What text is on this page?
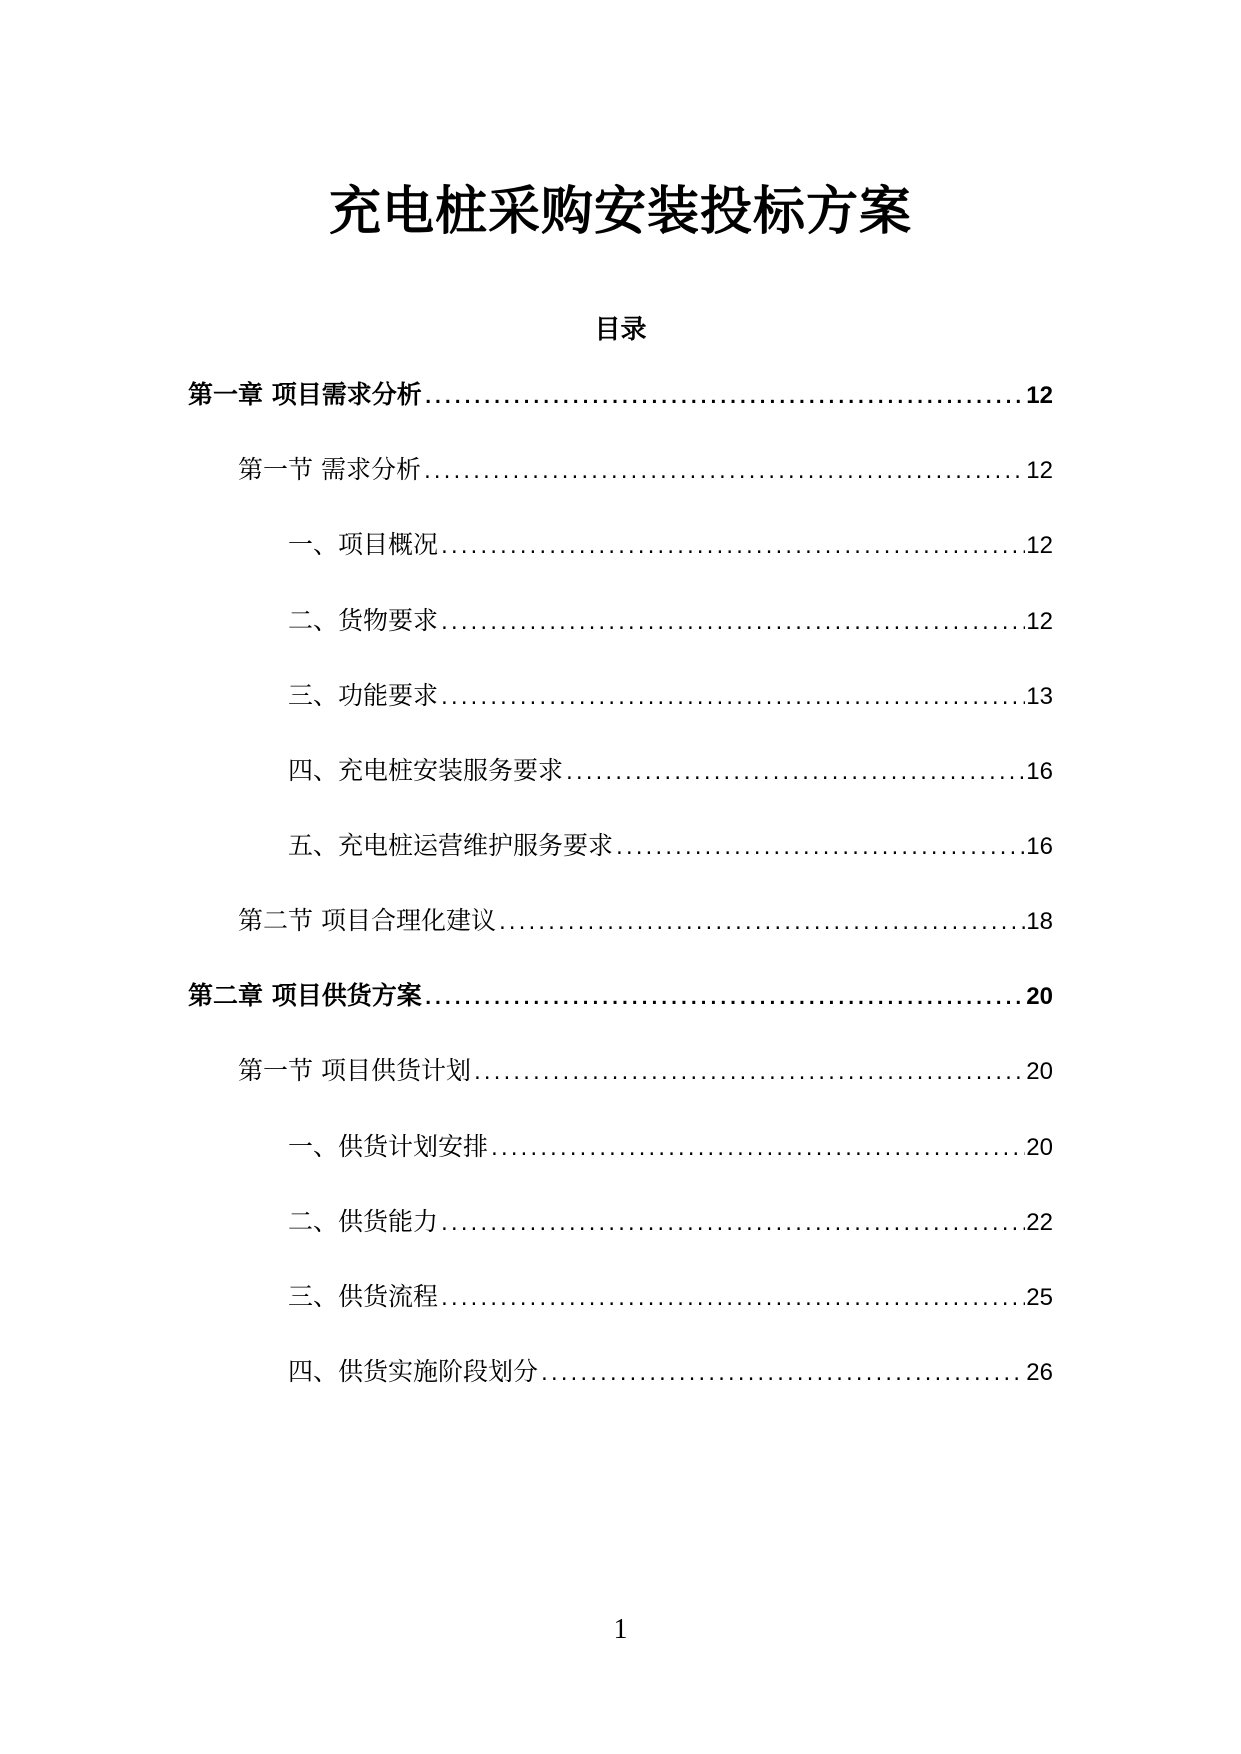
充电桩采购安装投标方案
目录
第一章 项目需求分析 .....	12
第一节 需求分析 .....	12
一、项目概况 .....	12
二、货物要求 .....	12
三、功能要求 .....	13
四、充电桩安装服务要求 .....	16
五、充电桩运营维护服务要求 .....	16
第二节 项目合理化建议 .....	18
第二章 项目供货方案 .....	20
第一节 项目供货计划 .....	20
一、供货计划安排 .....	20
二、供货能力 .....	22
三、供货流程 .....	25
四、供货实施阶段划分 .....	26
1
